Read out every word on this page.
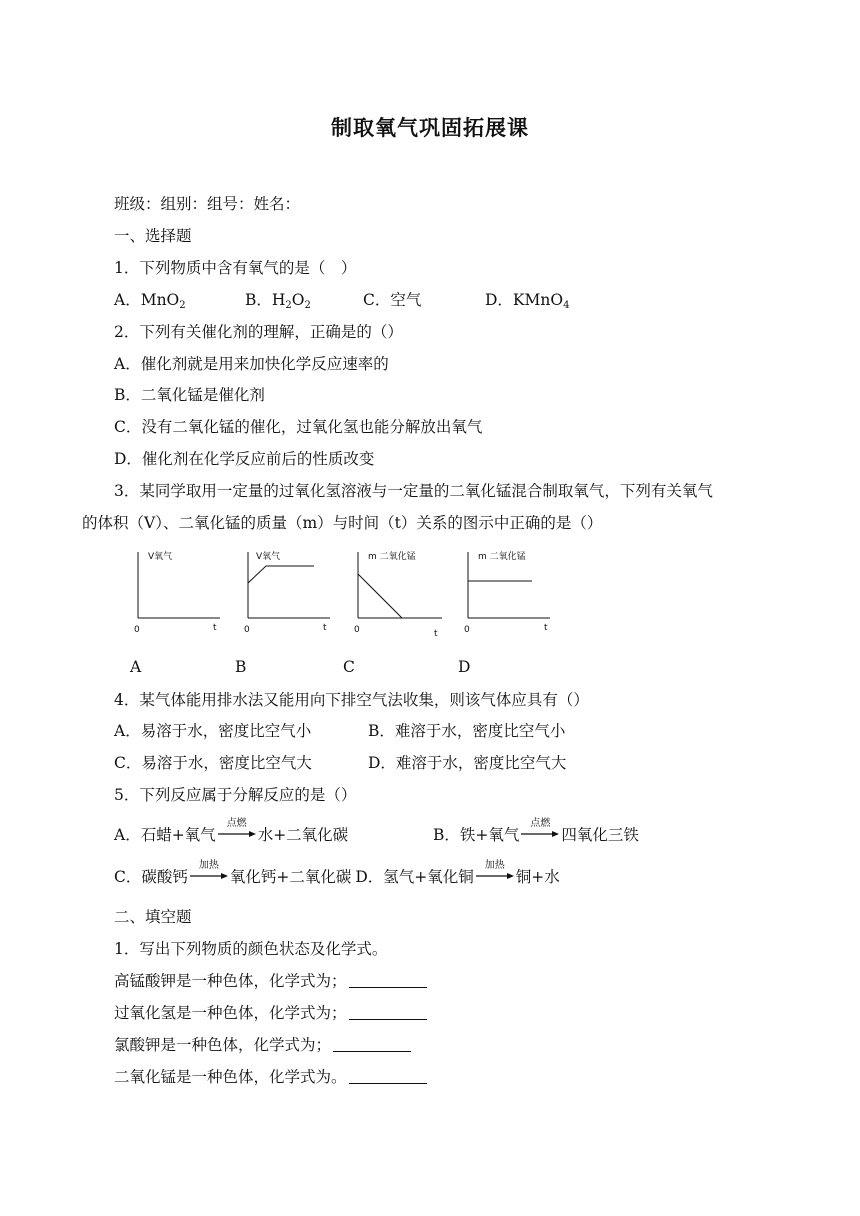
制取氧气巩固拓展课
班级：组别：组号：姓名：
一、选择题
1．下列物质中含有氧气的是（　）
A．MnO$_2$	B．$H_2O_2$	C．空气	D．KMnO$_4$
2．下列有关催化剂的理解，正确是的（）
A．催化剂就是用来加快化学反应速率的
B．二氧化锰是催化剂
C．没有二氧化锰的催化，过氧化氢也能分解放出氧气
D．催化剂在化学反应前后的性质改变
3．某同学取用一定量的过氧化氢溶液与一定量的二氧化锰混合制取氧气，下列有关氧气
的体积（V）、二氧化锰的质量（m）与时间（t）关系的图示中正确的是（）
V氧气
0	t
V氧气
0	t
m 二氧化锰
0	t
m 二氧化锰
0	t
A	B	C	D
4．某气体能用排水法又能用向下排空气法收集，则该气体应具有（）
A．易溶于水，密度比空气小	B．难溶于水，密度比空气小
C．易溶于水，密度比空气大	D．难溶于水，密度比空气大
5．下列反应属于分解反应的是（）
A．石蜡+氧气
点燃
水+二氧化碳	B．铁+氧气
点燃
四氧化三铁
C．碳酸钙
加热
氧化钙+二氧化碳 D．氢气+氧化铜
加热
铜+水
二、填空题
1．写出下列物质的颜色状态及化学式。
高锰酸钾是一种色体，化学式为；
过氧化氢是一种色体，化学式为；
氯酸钾是一种色体，化学式为；
二氧化锰是一种色体，化学式为。
